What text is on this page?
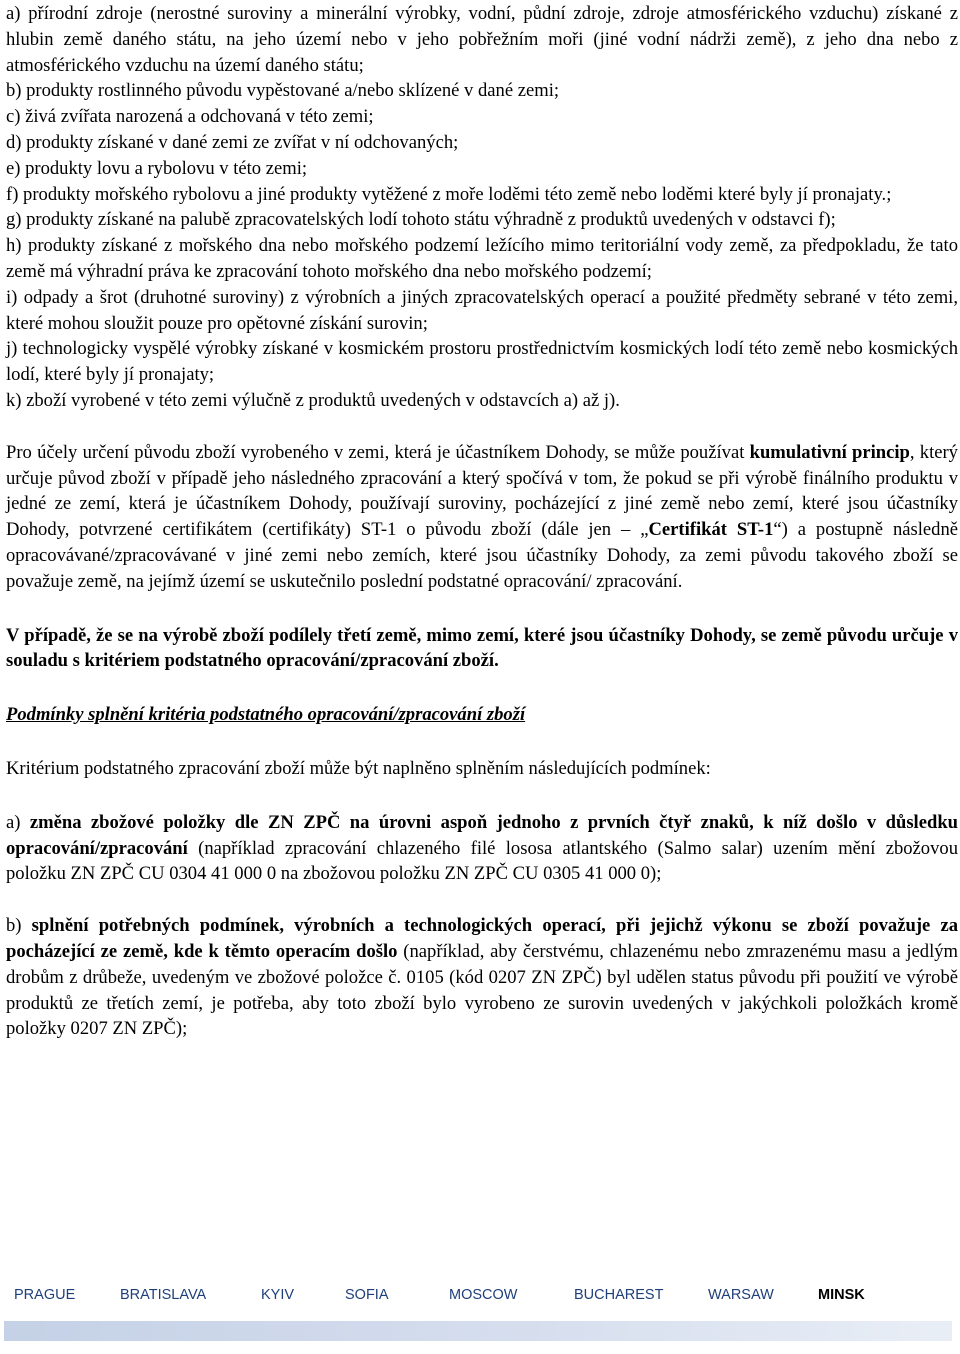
a) přírodní zdroje (nerostné suroviny a minerální výrobky, vodní, půdní zdroje, zdroje atmosférického vzduchu) získané z hlubin země daného státu, na jeho území nebo v jeho pobřežním moři (jiné vodní nádrži země), z jeho dna nebo z atmosférického vzduchu na území daného státu;

b) produkty rostlinného původu vypěstované a/nebo sklízené v dané zemi;

c) živá zvířata narozená a odchovaná v této zemi;

d) produkty získané v dané zemi ze zvířat v ní odchovaných;

e) produkty lovu a rybolovu v této zemi;

f) produkty mořského rybolovu a jiné produkty vytěžené z moře loděmi této země nebo loděmi které byly jí pronajaty.;

g) produkty získané na palubě zpracovatelských lodí tohoto státu výhradně z produktů uvedených v odstavci f);

h) produkty získané z mořského dna nebo mořského podzemí ležícího mimo teritoriální vody země, za předpokladu, že tato země má výhradní práva ke zpracování tohoto mořského dna nebo mořského podzemí;

i) odpady a šrot (druhotné suroviny) z výrobních a jiných zpracovatelských operací a použité předměty sebrané v této zemi, které mohou sloužit pouze pro opětovné získání surovin;

j) technologicky vyspělé výrobky získané v kosmickém prostoru prostřednictvím kosmických lodí této země nebo kosmických lodí, které byly jí pronajaty;

k) zboží vyrobené v této zemi výlučně z produktů uvedených v odstavcích a) až j).

Pro účely určení původu zboží vyrobeného v zemi, která je účastníkem Dohody, se může používat kumulativní princip, který určuje původ zboží v případě jeho následného zpracování a který spočívá v tom, že pokud se při výrobě finálního produktu v jedné ze zemí, která je účastníkem Dohody, používají suroviny, pocházející z jiné země nebo zemí, které jsou účastníky Dohody, potvrzené certifikátem (certifikáty) ST-1 o původu zboží (dále jen – „Certifikát ST-1“) a postupně následně opracovávané/zpracovávané v jiné zemi nebo zemích, které jsou účastníky Dohody, za zemi původu takového zboží se považuje země, na jejímž území se uskutečnilo poslední podstatné opracování/ zpracování.

V případě, že se na výrobě zboží podílely třetí země, mimo zemí, které jsou účastníky Dohody, se země původu určuje v souladu s kritériem podstatného opracování/zpracování zboží.

Podmínky splnění kritéria podstatného opracování/zpracování zboží

Kritérium podstatného zpracování zboží může být naplněno splněním následujících podmínek:

a) změna zbožové položky dle ZN ZPČ na úrovni aspoň jednoho z prvních čtyř znaků, k níž došlo v důsledku opracování/zpracování (například zpracování chlazeného filé lososa atlantského (Salmo salar) uzením mění zbožovou položku ZN ZPČ CU 0304 41 000 0 na zbožovou položku ZN ZPČ CU 0305 41 000 0);

b) splnění potřebných podmínek, výrobních a technologických operací, při jejichž výkonu se zboží považuje za pocházející ze země, kde k těmto operacím došlo (například, aby čerstvému, chlazenému nebo zmrazenému masu a jedlým drobům z drůbeže, uvedeným ve zbožové položce č. 0105 (kód 0207 ZN ZPČ) byl udělen status původu při použití ve výrobě produktů ze třetích zemí, je potřeba, aby toto zboží bylo vyrobeno ze surovin uvedených v jakýchkoli položkách kromě položky 0207 ZN ZPČ);

PRAGUE	BRATISLAVA	KYIV	SOFIA	MOSCOW	BUCHAREST	WARSAW	MINSK
